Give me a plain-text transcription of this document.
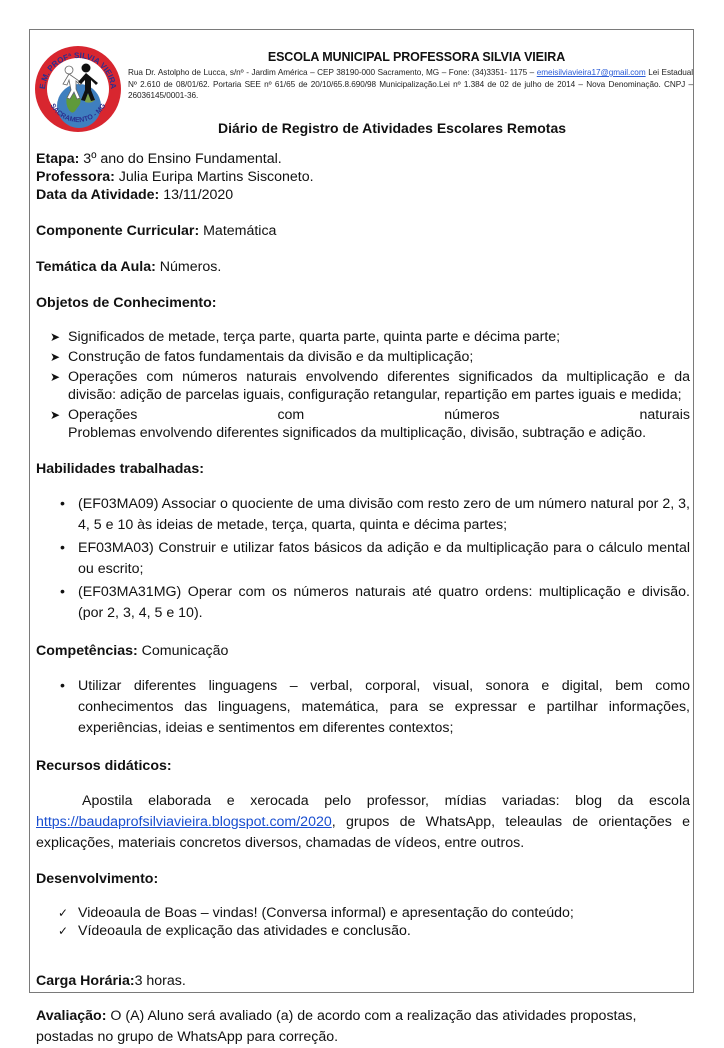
E.M. PROFª SILVIA VIEIRA
SACRAMENTO - MG
ESCOLA MUNICIPAL PROFESSORA SILVIA VIEIRA
Rua Dr. Astolpho de Lucca, s/nº - Jardim América – CEP 38190-000 Sacramento, MG – Fone: (34)3351- 1175 – emeisilviavieira17@gmail.com Lei Estadual Nº 2.610 de 08/01/62. Portaria SEE nº 61/65 de 20/10/65.8.690/98 Municipalização.Lei nº 1.384 de 02 de julho de 2014 – Nova Denominação. CNPJ – 26036145/0001-36.
Diário de Registro de Atividades Escolares Remotas

Etapa: 3º ano do Ensino Fundamental.

Professora: Julia Euripa Martins Sisconeto.

Data da Atividade: 13/11/2020

Componente Curricular: Matemática

Temática da Aula: Números.

Objetos de Conhecimento:

➤ Significados de metade, terça parte, quarta parte, quinta parte e décima parte;
➤ Construção de fatos fundamentais da divisão e da multiplicação;
➤ Operações com números naturais envolvendo diferentes significados da multiplicação e da divisão: adição de parcelas iguais, configuração retangular, repartição em partes iguais e medida;
➤ Operações	com	números	naturais
Problemas envolvendo diferentes significados da multiplicação, divisão, subtração e adição.

Habilidades trabalhadas:

• (EF03MA09) Associar o quociente de uma divisão com resto zero de um número natural por 2, 3, 4, 5 e 10 às ideias de metade, terça, quarta, quinta e décima partes;
• EF03MA03) Construir e utilizar fatos básicos da adição e da multiplicação para o cálculo mental ou escrito;
• (EF03MA31MG) Operar com os números naturais até quatro ordens: multiplicação e divisão. (por 2, 3, 4, 5 e 10).

Competências: Comunicação

• Utilizar diferentes linguagens – verbal, corporal, visual, sonora e digital, bem como conhecimentos das linguagens, matemática, para se expressar e partilhar informações, experiências, ideias e sentimentos em diferentes contextos;

Recursos didáticos:

Apostila elaborada e xerocada pelo professor, mídias variadas: blog da escola https://baudaprofsilviavieira.blogspot.com/2020, grupos de WhatsApp, teleaulas de orientações e explicações, materiais concretos diversos, chamadas de vídeos, entre outros.

Desenvolvimento:

✓ Videoaula de Boas – vindas! (Conversa informal) e apresentação do conteúdo;
✓ Vídeoaula de explicação das atividades e conclusão.

Carga Horária:3 horas.

Avaliação: O (A) Aluno será avaliado (a) de acordo com a realização das atividades propostas, postadas no grupo de WhatsApp para correção.
